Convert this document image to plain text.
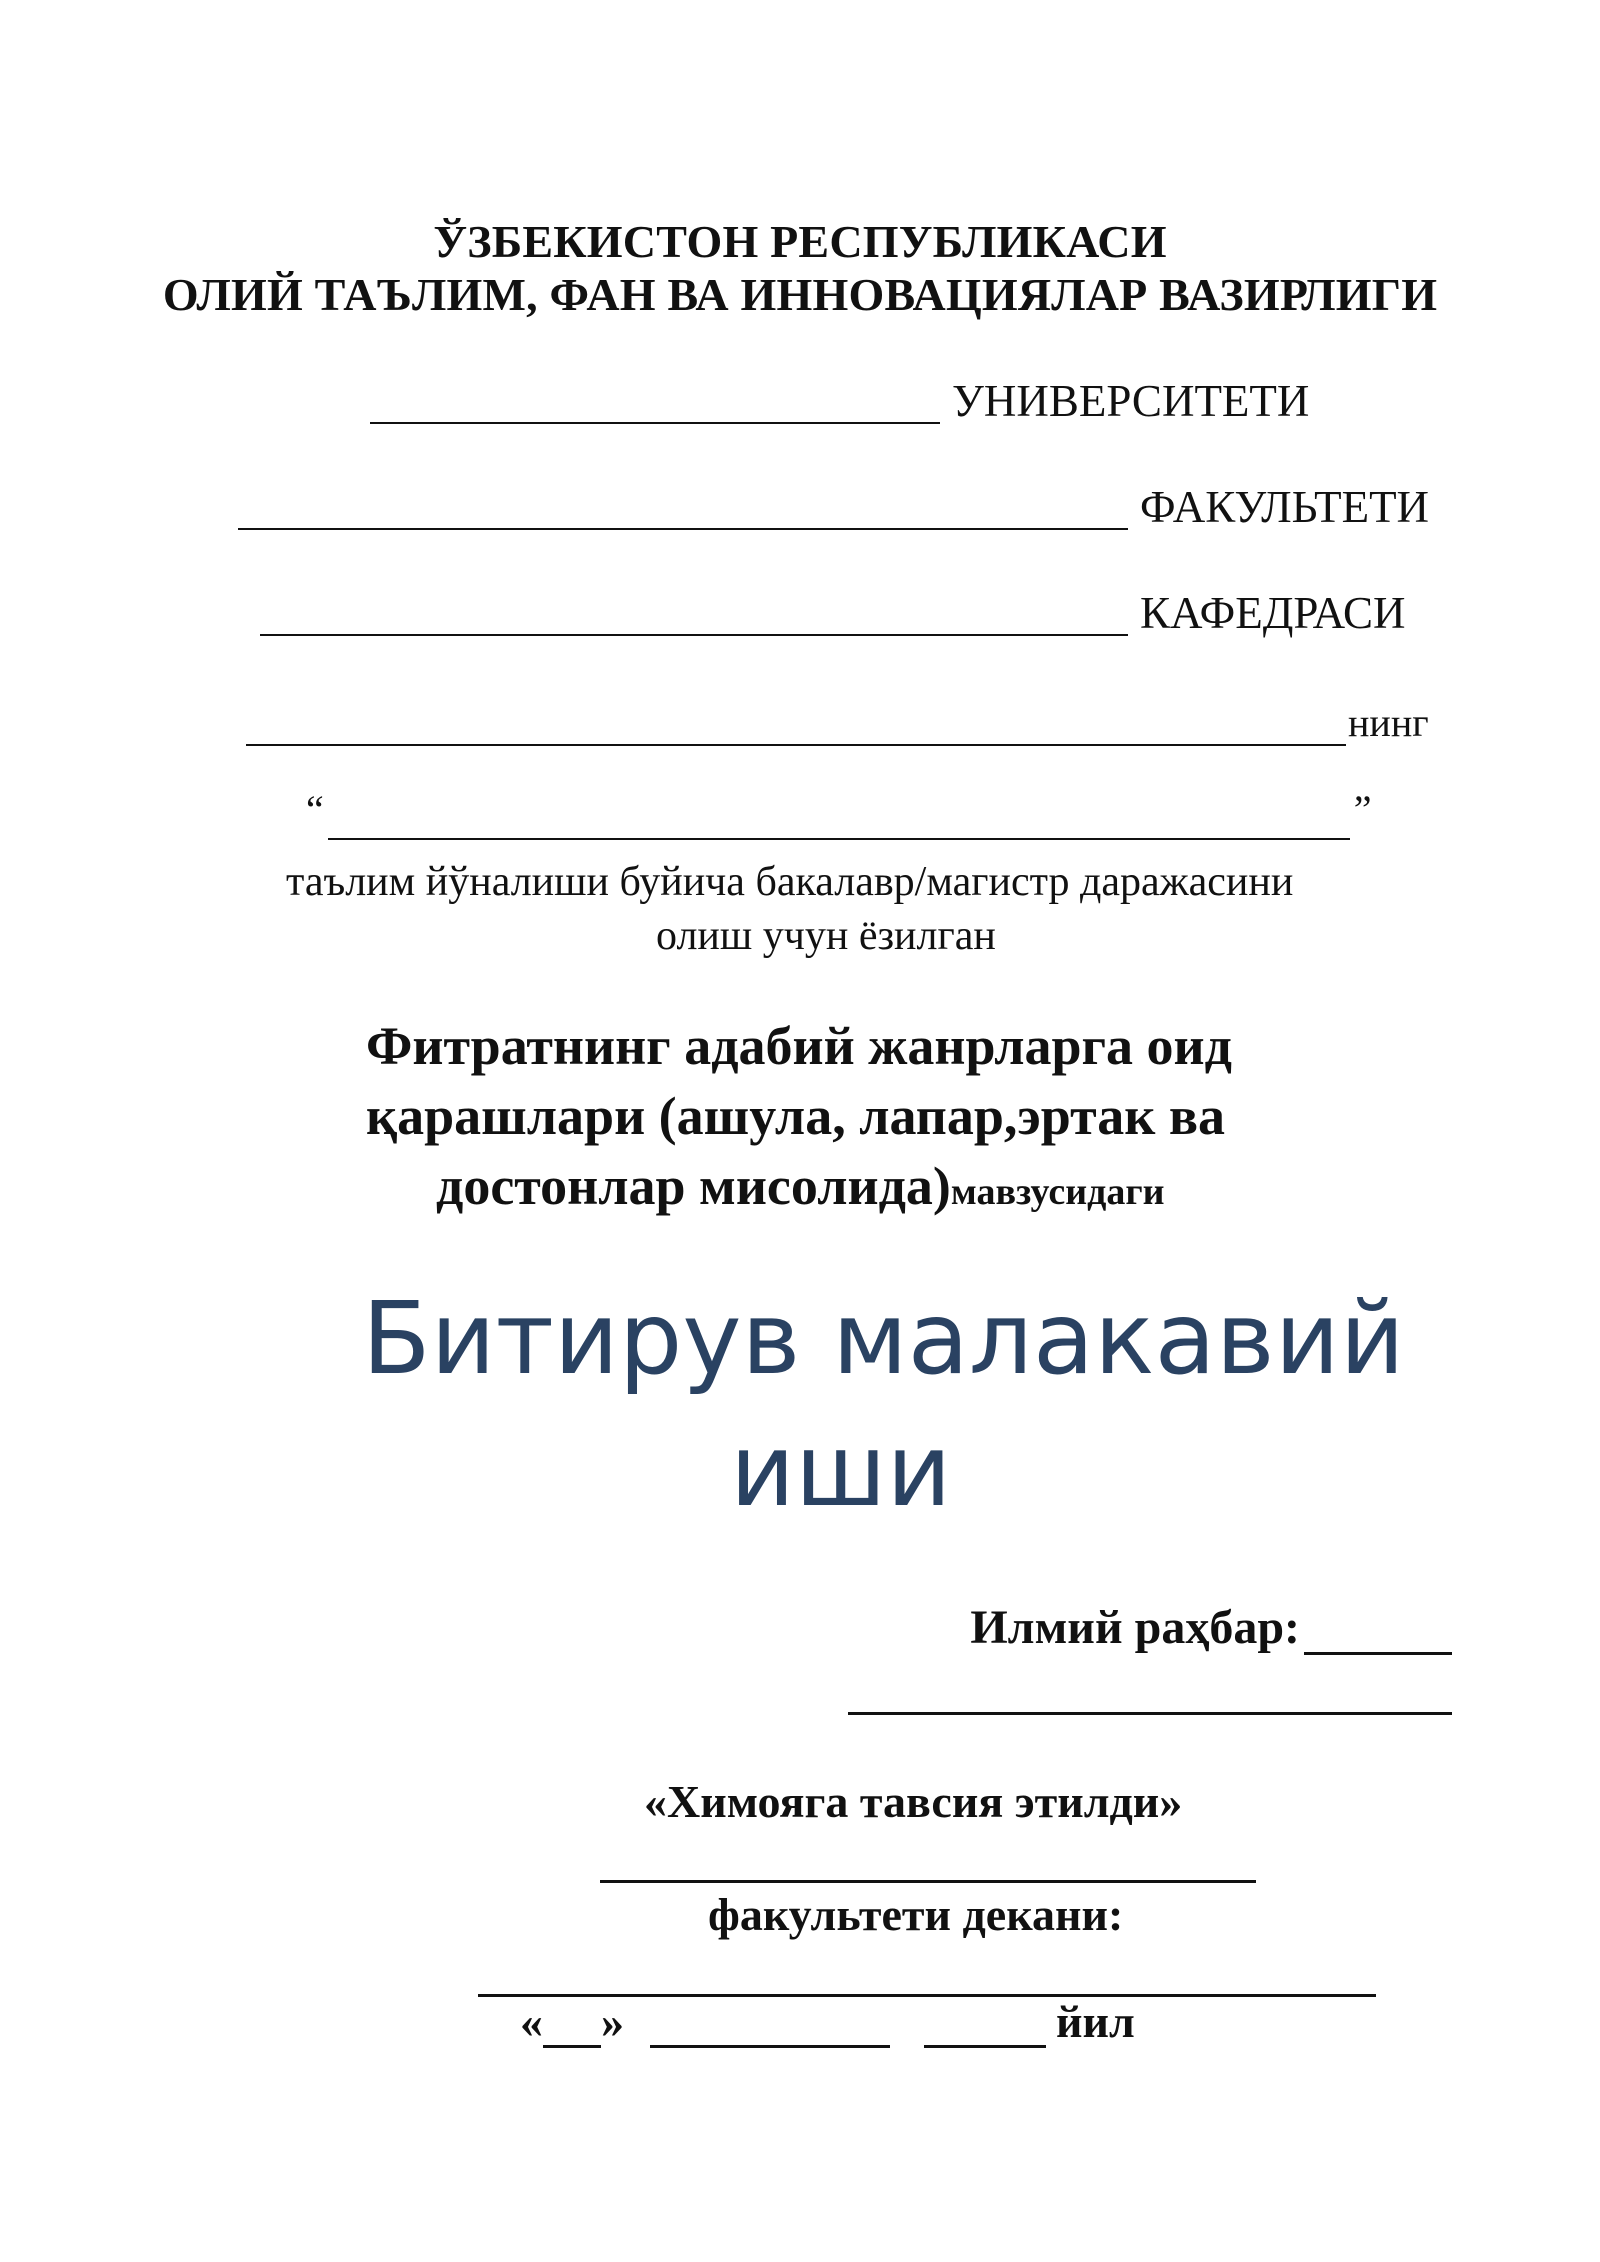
ЎЗБЕКИСТОН РЕСПУБЛИКАСИ
ОЛИЙ ТАЪЛИМ, ФАН ВА ИННОВАЦИЯЛАР ВАЗИРЛИГИ
УНИВЕРСИТЕТИ
ФАКУЛЬТЕТИ
КАФЕДРАСИ
нинг
“	”
таълим йўналиши буйича бакалавр/магистр даражасини
олиш учун ёзилган
Фитратнинг адабий жанрларга оид
қарашлари (ашула, лапар,эртак ва
достонлар мисолида)мавзусидаги
Битирув малакавий
иши
Илмий раҳбар:
«Химояга тавсия этилди»
факультети декани:
« »	йил
